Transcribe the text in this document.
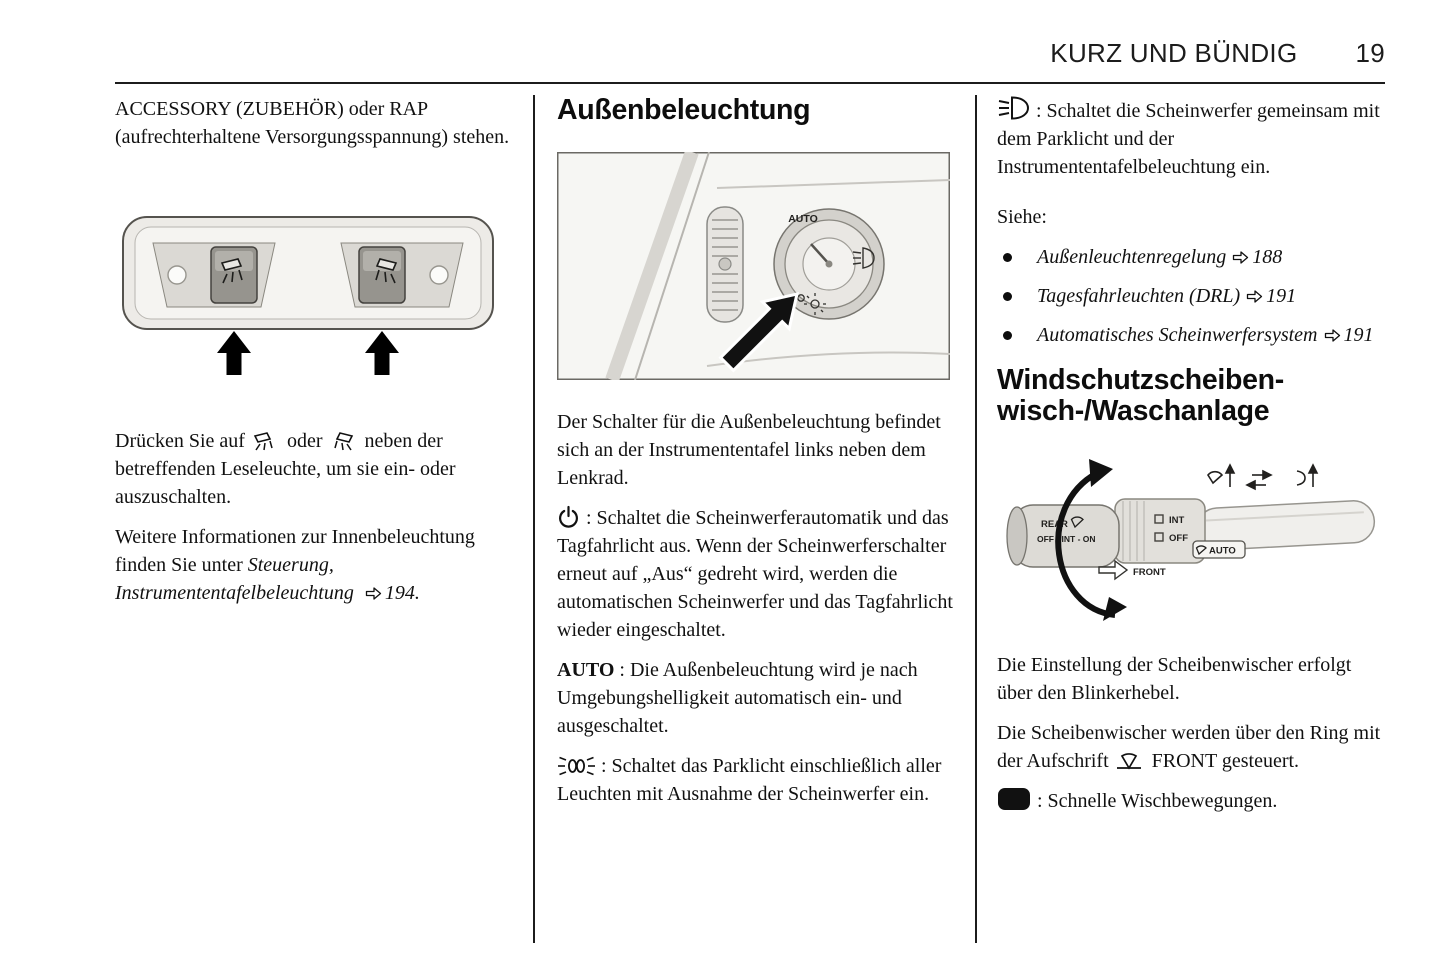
KURZ UND BÜNDIG 19

ACCESSORY (ZUBEHÖR) oder RAP (aufrechterhaltene Versorgungsspannung) stehen.

Drücken Sie auf oder neben der betreffenden Leseleuchte, um sie ein- oder auszuschalten.

Weitere Informationen zur Innenbeleuchtung finden Sie unter Steuerung, Instrumententafelbeleuchtung 194.

Außenbeleuchtung
AUTO

Der Schalter für die Außenbeleuchtung befindet sich an der Instrumententafel links neben dem Lenkrad.

: Schaltet die Scheinwerferautomatik und das Tagfahrlicht aus. Wenn der Scheinwerferschalter erneut auf „Aus“ gedreht wird, werden die automatischen Scheinwerfer und das Tagfahrlicht wieder eingeschaltet.

AUTO : Die Außenbeleuchtung wird je nach Umgebungshelligkeit automatisch ein- und ausgeschaltet.

: Schaltet das Parklicht einschließlich aller Leuchten mit Ausnahme der Scheinwerfer ein.

: Schaltet die Scheinwerfer gemeinsam mit dem Parklicht und der Instrumententafelbeleuchtung ein.

Siehe:

Außenleuchtenregelung 188
Tagesfahrleuchten (DRL) 191
Automatisches Scheinwerfersystem 191
Windschutzscheiben-
wisch-/Waschanlage
INT
OFF
AUTO
REAR
OFF - INT - ON
FRONT

Die Einstellung der Scheibenwischer erfolgt über den Blinkerhebel.

Die Scheibenwischer werden über den Ring mit der Aufschrift FRONT gesteuert.

: Schnelle Wischbewegungen.
